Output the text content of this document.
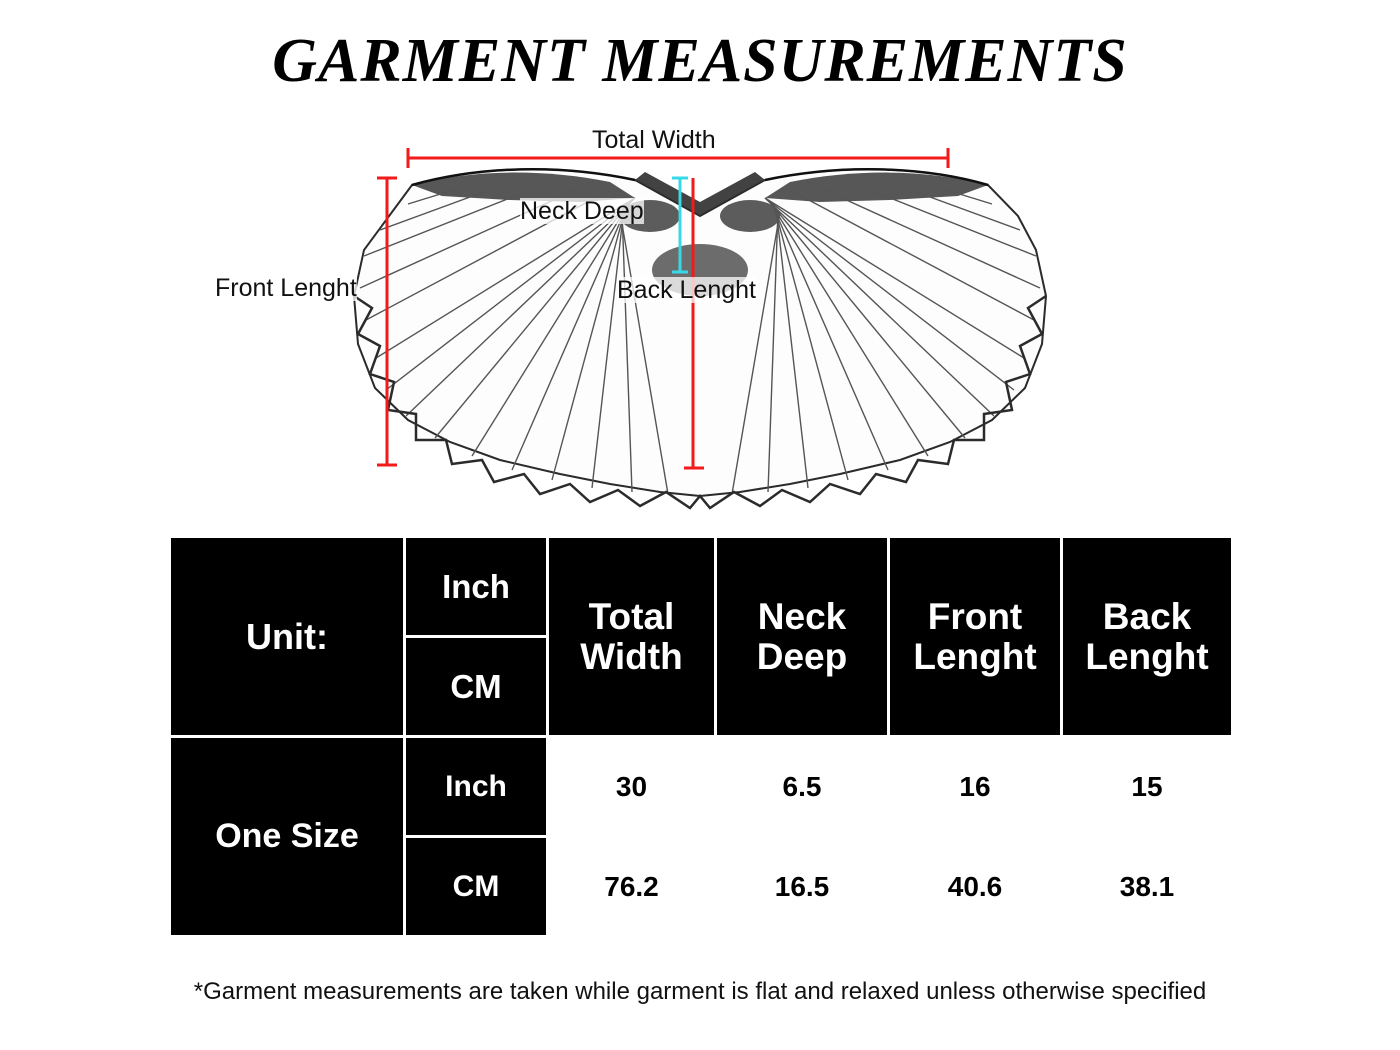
GARMENT MEASUREMENTS
Total Width
Neck Deep
Front Lenght	Back Lenght
Unit:	Inch	Total Width	Neck Deep	Front Lenght	Back Lenght
	CM				
One Size	Inch	30	6.5	16	15
	CM	76.2	16.5	40.6	38.1
*Garment measurements are taken while garment is flat and relaxed unless otherwise specified
